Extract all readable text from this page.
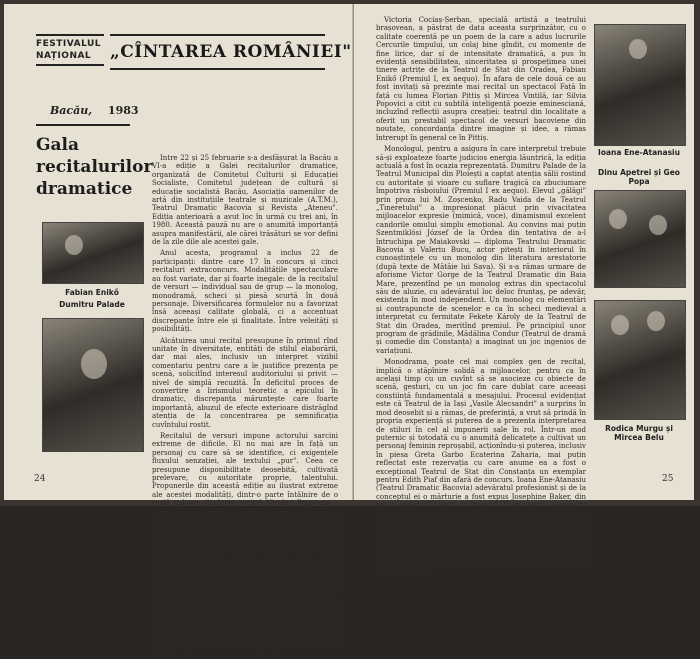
FESTIVALUL NAȚIONAL	„CÎNTAREA ROMÂNIEI"
Bacău, 1983
Gala recitalurilor dramatice
Fabian Enikő
Dumitru Palade

Intre 22 și 25 februarie s-a desfășurat la Bacău a VI-a ediție a Galei recitalurilor dramatice, organizată de Comitetul Culturii și Educației Socialiste, Comitetul județean de cultură și educație socialistă Bacău, Asociația oamenilor de artă din instituțiile teatrale și muzicale (A.T.M.), Teatrul Dramatic Bacovia și Revista „Ateneu". Ediția anterioară a avut loc în urmă cu trei ani, în 1980. Această pauză nu are o anumită importanță asupra manifestării, ale cărei trăsături se vor defini de la zile dile ale acestei gale.

Anul acesta, programul a inclus 22 de participanți: dintre care 17 în concurs și cinci recitaluri extraconcurs. Modalitățile spectaculare au fost variate, dar și foarte inegale: de la recitalul de versuri — individual sau de grup — la monolog, monodramă, scheci și piesă scurtă în două personaje. Diversificarea formulelor nu a favorizat însă aceeași calitate globală, ci a accentuat discrepanțe între ele și finalitate. Între veleități și posibilități.

Alcătuirea unui recital presupune în primul rînd unitate în diversitate, entități de stilul elaborării, dar mai ales, inclusiv un interpret vizibil comentariu pentru care a le justifice prezența pe scenă, solicitînd interesul auditoriului și privit — nivel de simplă recuzită. În deficitul proces de convertire a lirismului teoretic a epicului în dramatic, discrepanța mărunțește care foarte importantă, abuzul de efecte exterioare distrăgînd atenția de la concentrarea pe semnificația cuvîntului rostit.

Recitalul de versuri impune actorului sarcini extreme de dificile. El nu mai are în față un personaj cu care să se identifice, ci exigențele fluxului senzației, ale textului „pur". Ceea ce presupune disponibilitate deosebită, cultivată prelevare, cu autoritate proprie, talentului. Propunerile din această ediție au ilustrat extreme ale acestei modalități, dintr-o parte întâlnire de o reală valoare (inclusiv recital Nicolae Paparozo a încercat un spectacol-poem În memoriam Emil Botta, dar prolixitatea ambianței scenografice îl mai ales o anume incompatibilitate a actorului cu poezia au limitat impresia) apreciate acel merituoși maiestate (concentrat de subtili eficient premiat Diploma Botta) Mircea Belu și Irene Flammandatiliea au intrat în concurs cu un recital le interferență poeziei cu dansul pentru contribuție extraordinară, baletul Rodica Murgu și Francisc Valkay au primit o Diplomă a juriului, pentru insolit, spectaculoasă prin o Diploma revistei Ateneu. Actorul timișorean Mircea Belu a lăsat ideea de a participa cu un recital hors-concours, o ipostază artistică, selectie din lirica contemporană. Muzical doar pe un cîntecul regretat vocal, Elena Tuțulan de la Teatrul Victor Ion Popa din Bîrlad a declamat între interpretare de lirismul, Rică, fante de Obor și Mitrița.

24

Victoria Cociaș-Șerban, specială artistă a teatrului brașovean, a păstrat de data aceasta surprinzător, cu o calitate coerentă pe un poem de la care a adus lucrurile Cercurile timpului, un colaj bine gîndit, cu momente de fine lirice, dar și de intensitate dramatică, a pus în evidență sensibilitatea, sinceritatea și prospețimea unei tinere actrițe de la Teatrul de Stat din Oradea, Fabian Enikő (Premiul I, ex aequo). În afara de cele două ce au fost invitați să prezinte mai recital un spectacol Față în față cu lumea Florian Pittiș și Mircea Vintilă, iar Silvia Popovici a citit cu subtilă inteligență poezie eminesciană, incluzînd reflecții asupra creației: teatrul din localitate a oferit un prestabil spectacol de versuri bacoviene din noutate, concordanța dintre imagine și idee, a rămas întrerupt în general ce în Pittiș.

Monologul, pentru a asigura în care interpretul trebuie să-și exploateze foarte judicios energia lăuntrică, la ediția actuală a fost în ocazia reprezentată. Dumitru Palade de la Teatrul Municipal din Ploiești a captat atenția sălii rostind cu autoritate și vioare cu suflare tragică ca zbuciumare împotriva răsboiului (Premiul I ex aequo). Elevul „gălăgi" prin proza lui M. Zoșcenko, Radu Vaida de la Teatrul „Tineretului" a impresionat plăcut prin vivacitatea mijloacelor expresie (mimică, voce), dinamismul excelent candorile omului simplu emoțional. Au convins mai puțin Szentmiklósi József de la Ordea din tentativa de a-l întruchipa pe Maiakovski — diploma Teatrului Dramatic Bacovia și Valeriu Bucu, actor pitești în interiorul în cunoaștințele cu un monolog din literatura arestatorie (după texte de Mătăie lui Sava). Și s-a rămas urmare de aforisme Victor Gorge de la Teatrul Dramatic din Baia Mare, prezentînd pe un monolog extras din spectacolul său de aluzie, cu adevăratul loc deloc fruntaș, pe adevăr, existența în mod independent. Un monolog cu elementări și contrapuncte de scenelor e ca în scheci medieval a interpretat cu fermitate Fekete Károly de la Teatrul de Stat din Oradea, meritînd premiul. Pe principiul unor program de grădinile, Mădălina Condur (Teatrul de dramă și comedie din Constanța) a imaginat un joc ingenios de variațiuni.

Monodrama, poate cel mai complex gen de recital, implică o stăpînire solidă a mijloacelor, pentru ca în același timp cu un cuvînt să se asocieze cu obiecte de scenă, gesturi, cu un joc fin care dublat care aceeași conștiință fundamentală a mesajului. Procesul evidențiat este că Teatrul de la Iași „Vasile Alecsandri" a surprins în mod deosebit și a rămas, de preferință, a vrut să prindă în propria experiență și puterea de a prezenta interpretarea de stiluri în cel al impunerii sale în rol. Într-un mod puternic și totodată cu o anumită delicatețe a cultivat un personaj feminin reproșabil, acționîndu-și puterea, inclusiv în piesa Greta Garbo Ecaterina Zaharia, mai puțin reflectat este rezervația cu care anume ea a fost o excepțional Teatrul de Stat din Constanța un exemplar pentru Edith Piaf din afară de concurs. Ioana Ene-Atanasiu (Teatrul Dramatic Bacovia) adevăratul profesionist și de la conceptul ei o mărturie a fost expus Josephine Baker, din nou a arătat cît anunța în Premiul III, ex aequo. Alexandru Trică (Teatrul „Victor Ion Popa" din Bîrlad) nu a întrunit sufragiile juriului, deși spectacolul său „Ne tace" după Trifoiu și Aldo Nicolaj merită o mențiune prin modul cu care a împletit sobrul, volupta a exercițiului pentru prezentarea unei personalități. În toate tranzacțiile, Dinu Apetrei și Geo Popa au fost în preocupare și au un reprezentant al publicului care merită toată atenția spectatorului.

Ioana Ene-Atanasiu
Dinu Apetrei și Geo Popa
Rodica Murgu și Mircea Belu
25
